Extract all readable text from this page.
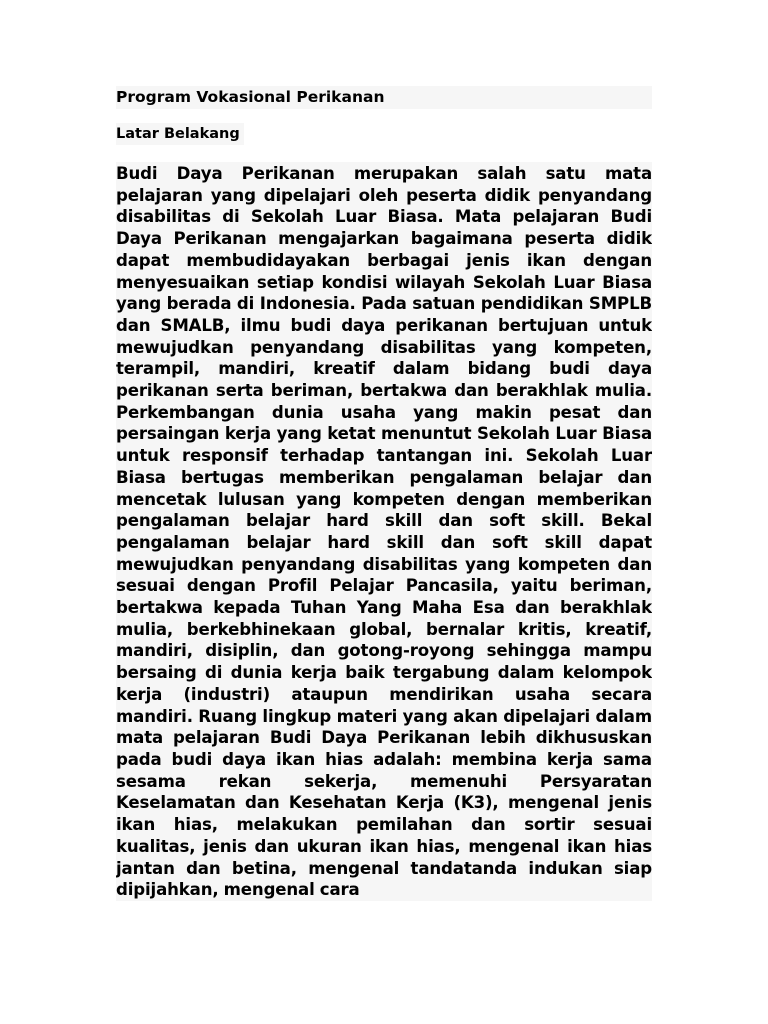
Program Vokasional Perikanan
Latar Belakang
Budi Daya Perikanan merupakan salah satu mata pelajaran yang dipelajari oleh peserta didik penyandang disabilitas di Sekolah Luar Biasa. Mata pelajaran Budi Daya Perikanan mengajarkan bagaimana peserta didik dapat membudidayakan berbagai jenis ikan dengan menyesuaikan setiap kondisi wilayah Sekolah Luar Biasa yang berada di Indonesia. Pada satuan pendidikan SMPLB dan SMALB, ilmu budi daya perikanan bertujuan untuk mewujudkan penyandang disabilitas yang kompeten, terampil, mandiri, kreatif dalam bidang budi daya perikanan serta beriman, bertakwa dan berakhlak mulia. Perkembangan dunia usaha yang makin pesat dan persaingan kerja yang ketat menuntut Sekolah Luar Biasa untuk responsif terhadap tantangan ini. Sekolah Luar Biasa bertugas memberikan pengalaman belajar dan mencetak lulusan yang kompeten dengan memberikan pengalaman belajar hard skill dan soft skill. Bekal pengalaman belajar hard skill dan soft skill dapat mewujudkan penyandang disabilitas yang kompeten dan sesuai dengan Profil Pelajar Pancasila, yaitu beriman, bertakwa kepada Tuhan Yang Maha Esa dan berakhlak mulia, berkebhinekaan global, bernalar kritis, kreatif, mandiri, disiplin, dan gotong-royong sehingga mampu bersaing di dunia kerja baik tergabung dalam kelompok kerja (industri) ataupun mendirikan usaha secara mandiri. Ruang lingkup materi yang akan dipelajari dalam mata pelajaran Budi Daya Perikanan lebih dikhususkan pada budi daya ikan hias adalah: membina kerja sama sesama rekan sekerja, memenuhi Persyaratan Keselamatan dan Kesehatan Kerja (K3), mengenal jenis ikan hias, melakukan pemilahan dan sortir sesuai kualitas, jenis dan ukuran ikan hias, mengenal ikan hias jantan dan betina, mengenal tandatanda indukan siap dipijahkan, mengenal cara
